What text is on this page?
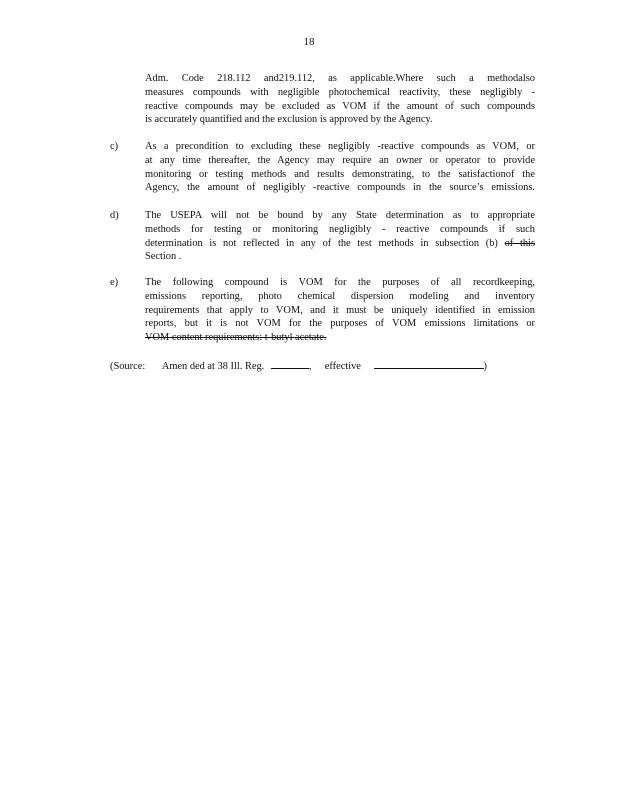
18
Adm. Code 218.112 and219.112, as applicable.Where such a methodalso
measures compounds with negligible photochemical reactivity, these negligibly -
reactive compounds may be excluded as VOM if the amount of such compounds
is accurately quantified and the exclusion is approved by the Agency.
c)	As a precondition to excluding these negligibly -reactive compounds as VOM, or
at any time thereafter, the Agency may require an owner or operator to provide
monitoring or testing methods and results demonstrating, to the satisfactionof the
Agency, the amount of negligibly -reactive compounds in the source’s emissions.
d)	The USEPA will not be bound by any State determination as to appropriate
methods for testing or monitoring negligibly - reactive compounds if such
determination is not reflected in any of the test methods in subsection (b) of this
Section .
e)	The following compound is VOM for the purposes of all recordkeeping,
emissions reporting, photo chemical dispersion modeling and inventory
requirements that apply to VOM, and it must be uniquely identified in emission
reports, but it is not VOM for the purposes of VOM emissions limitations or
VOM content requirements: t-butyl acetate.
(Source: Amen ded at 38 Ill. Reg.	, effective	)
